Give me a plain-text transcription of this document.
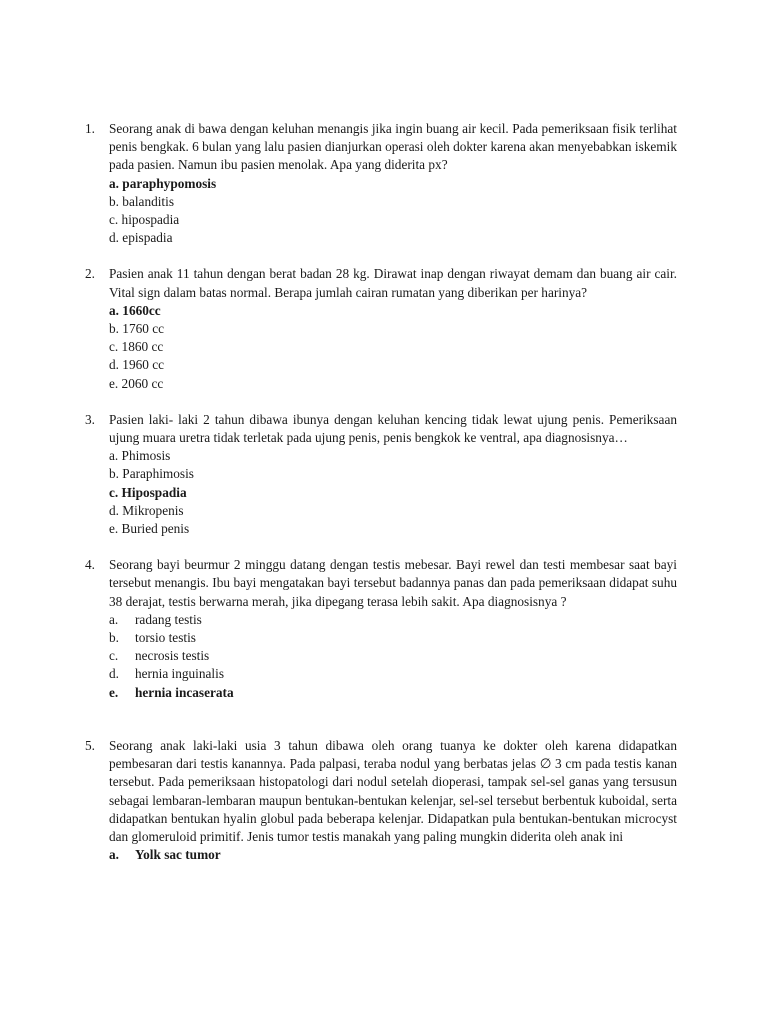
1. Seorang anak di bawa dengan keluhan menangis jika ingin buang air kecil. Pada pemeriksaan fisik terlihat penis bengkak. 6 bulan yang lalu pasien dianjurkan operasi oleh dokter karena akan menyebabkan iskemik pada pasien. Namun ibu pasien menolak. Apa yang diderita px?
a. paraphypomosis
b. balanditis
c. hipospadia
d. epispadia
2. Pasien anak 11 tahun dengan berat badan 28 kg. Dirawat inap dengan riwayat demam dan buang air cair. Vital sign dalam batas normal. Berapa jumlah cairan rumatan yang diberikan per harinya?
a. 1660cc
b. 1760 cc
c. 1860 cc
d. 1960 cc
e. 2060 cc
3. Pasien laki- laki 2 tahun dibawa ibunya dengan keluhan kencing tidak lewat ujung penis. Pemeriksaan ujung muara uretra tidak terletak pada ujung penis, penis bengkok ke ventral, apa diagnosisnya…
a. Phimosis
b. Paraphimosis
c. Hipospadia
d. Mikropenis
e. Buried penis
4. Seorang bayi beurmur 2 minggu datang dengan testis mebesar. Bayi rewel dan testi membesar saat bayi tersebut menangis. Ibu bayi mengatakan bayi tersebut badannya panas dan pada pemeriksaan didapat suhu 38 derajat, testis berwarna merah, jika dipegang terasa lebih sakit. Apa diagnosisnya ?
a. radang testis
b. torsio testis
c. necrosis testis
d. hernia inguinalis
e. hernia incaserata
5. Seorang anak laki-laki usia 3 tahun dibawa oleh orang tuanya ke dokter oleh karena didapatkan pembesaran dari testis kanannya. Pada palpasi, teraba nodul yang berbatas jelas ∅ 3 cm pada testis kanan tersebut. Pada pemeriksaan histopatologi dari nodul setelah dioperasi, tampak sel-sel ganas yang tersusun sebagai lembaran-lembaran maupun bentukan-bentukan kelenjar, sel-sel tersebut berbentuk kuboidal, serta didapatkan bentukan hyalin globul pada beberapa kelenjar. Didapatkan pula bentukan-bentukan microcyst dan glomeruloid primitif. Jenis tumor testis manakah yang paling mungkin diderita oleh anak ini
a. Yolk sac tumor
